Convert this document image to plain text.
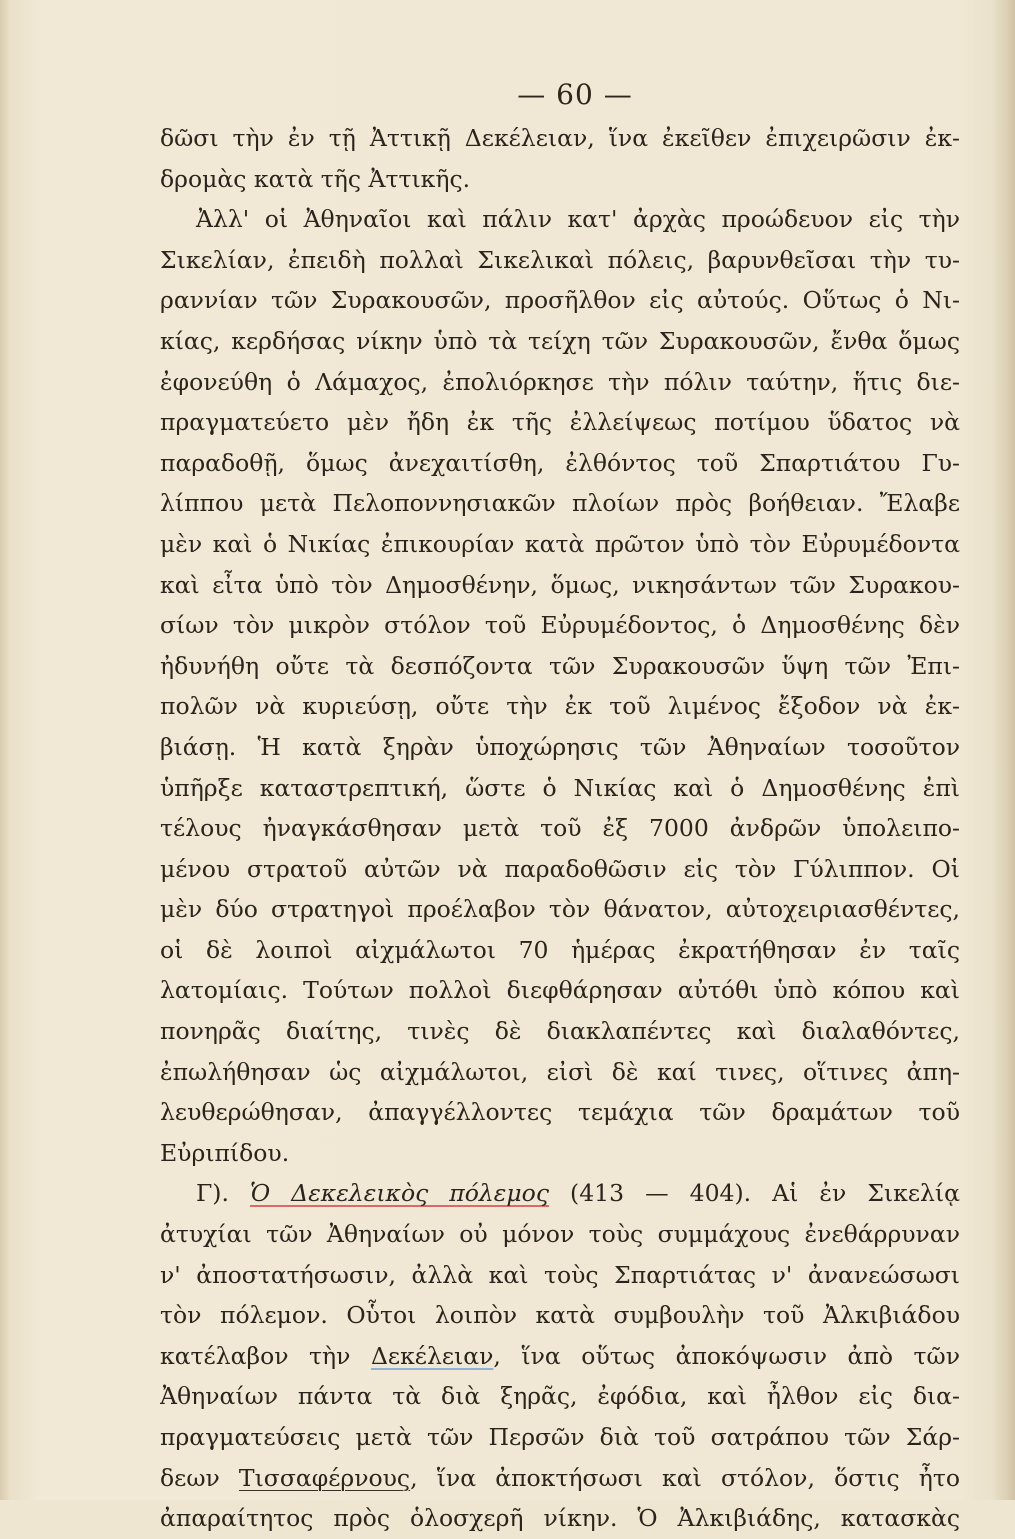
— 60 —
δῶσι τὴν ἐν τῇ Ἀττικῇ Δεκέλειαν, ἵνα ἐκεῖθεν ἐπιχειρῶσιν ἐκ-
δρομὰς κατὰ τῆς Ἀττικῆς.
Ἀλλ' οἱ Ἀθηναῖοι καὶ πάλιν κατ' ἀρχὰς προώδευον εἰς τὴν
Σικελίαν, ἐπειδὴ πολλαὶ Σικελικαὶ πόλεις, βαρυνθεῖσαι τὴν τυ-
ραννίαν τῶν Συρακουσῶν, προσῆλθον εἰς αὐτούς. Οὕτως ὁ Νι-
κίας, κερδήσας νίκην ὑπὸ τὰ τείχη τῶν Συρακουσῶν, ἔνθα ὅμως
ἐφονεύθη ὁ Λάμαχος, ἐπολιόρκησε τὴν πόλιν ταύτην, ἥτις διε-
πραγματεύετο μὲν ἤδη ἐκ τῆς ἐλλείψεως ποτίμου ὕδατος νὰ
παραδοθῇ, ὅμως ἀνεχαιτίσθη, ἐλθόντος τοῦ Σπαρτιάτου Γυ-
λίππου μετὰ Πελοποννησιακῶν πλοίων πρὸς βοήθειαν. Ἔλαβε
μὲν καὶ ὁ Νικίας ἐπικουρίαν κατὰ πρῶτον ὑπὸ τὸν Εὐρυμέδοντα
καὶ εἶτα ὑπὸ τὸν Δημοσθένην, ὅμως, νικησάντων τῶν Συρακου-
σίων τὸν μικρὸν στόλον τοῦ Εὐρυμέδοντος, ὁ Δημοσθένης δὲν
ἠδυνήθη οὔτε τὰ δεσπόζοντα τῶν Συρακουσῶν ὕψη τῶν Ἐπι-
πολῶν νὰ κυριεύσῃ, οὔτε τὴν ἐκ τοῦ λιμένος ἔξοδον νὰ ἐκ-
βιάσῃ. Ἡ κατὰ ξηρὰν ὑποχώρησις τῶν Ἀθηναίων τοσοῦτον
ὑπῆρξε καταστρεπτική, ὥστε ὁ Νικίας καὶ ὁ Δημοσθένης ἐπὶ
τέλους ἠναγκάσθησαν μετὰ τοῦ ἐξ 7000 ἀνδρῶν ὑπολειπο-
μένου στρατοῦ αὐτῶν νὰ παραδοθῶσιν εἰς τὸν Γύλιππον. Οἱ
μὲν δύο στρατηγοὶ προέλαβον τὸν θάνατον, αὐτοχειριασθέντες,
οἱ δὲ λοιποὶ αἰχμάλωτοι 70 ἡμέρας ἐκρατήθησαν ἐν ταῖς
λατομίαις. Τούτων πολλοὶ διεφθάρησαν αὐτόθι ὑπὸ κόπου καὶ
πονηρᾶς διαίτης, τινὲς δὲ διακλαπέντες καὶ διαλαθόντες,
ἐπωλήθησαν ὡς αἰχμάλωτοι, εἰσὶ δὲ καί τινες, οἵτινες ἀπη-
λευθερώθησαν, ἀπαγγέλλοντες τεμάχια τῶν δραμάτων τοῦ
Εὐριπίδου.
Γ). Ὁ Δεκελεικὸς πόλεμος (413 — 404). Αἱ ἐν Σικελίᾳ
ἀτυχίαι τῶν Ἀθηναίων οὐ μόνον τοὺς συμμάχους ἐνεθάρρυναν
ν' ἀποστατήσωσιν, ἀλλὰ καὶ τοὺς Σπαρτιάτας ν' ἀνανεώσωσι
τὸν πόλεμον. Οὗτοι λοιπὸν κατὰ συμβουλὴν τοῦ Ἀλκιβιάδου
κατέλαβον τὴν Δεκέλειαν, ἵνα οὕτως ἀποκόψωσιν ἀπὸ τῶν
Ἀθηναίων πάντα τὰ διὰ ξηρᾶς, ἐφόδια, καὶ ἦλθον εἰς δια-
πραγματεύσεις μετὰ τῶν Περσῶν διὰ τοῦ σατράπου τῶν Σάρ-
δεων Τισσαφέρνους, ἵνα ἀποκτήσωσι καὶ στόλον, ὅστις ἦτο
ἀπαραίτητος πρὸς ὁλοσχερῆ νίκην. Ὁ Ἀλκιβιάδης, κατασκὰς
